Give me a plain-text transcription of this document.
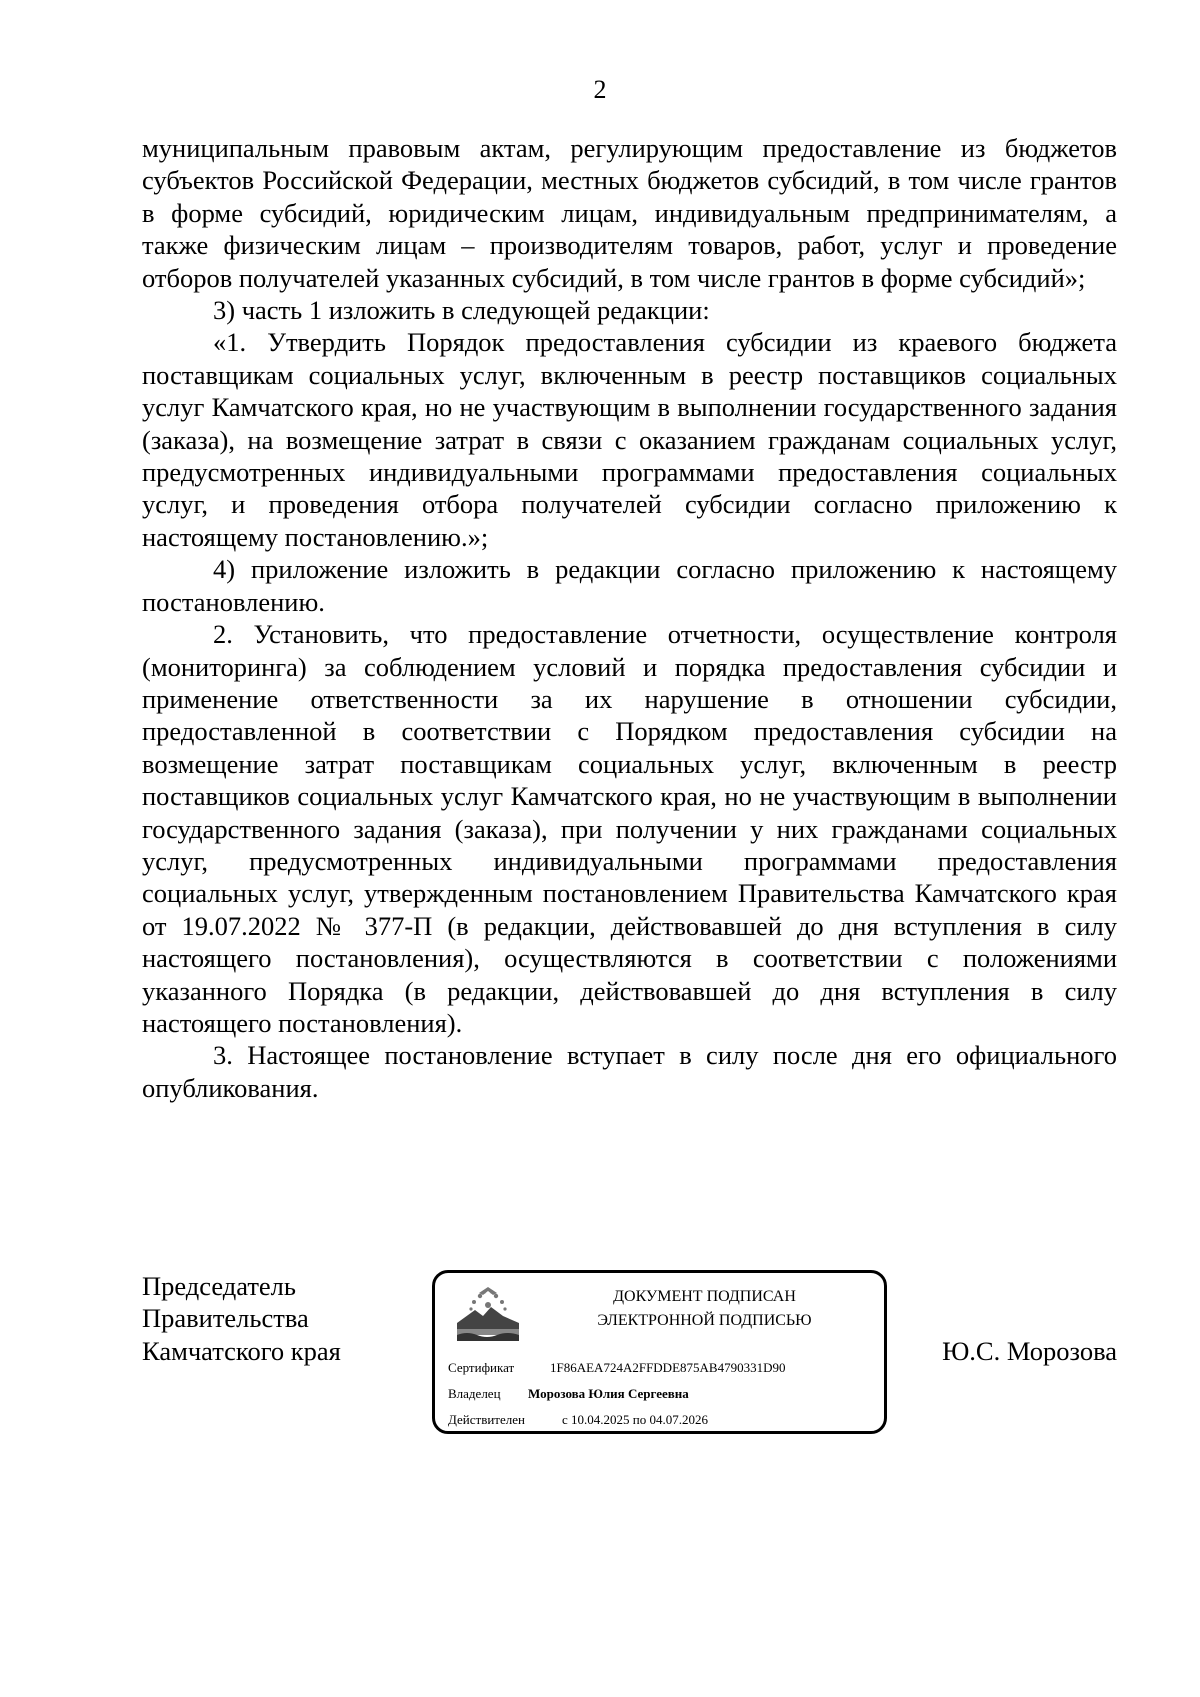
2

муниципальным правовым актам, регулирующим предоставление из бюджетов субъектов Российской Федерации, местных бюджетов субсидий, в том числе грантов в форме субсидий, юридическим лицам, индивидуальным предпринимателям, а также физическим лицам – производителям товаров, работ, услуг и проведение отборов получателей указанных субсидий, в том числе грантов в форме субсидий»;

3) часть 1 изложить в следующей редакции:

«1. Утвердить Порядок предоставления субсидии из краевого бюджета поставщикам социальных услуг, включенным в реестр поставщиков социальных услуг Камчатского края, но не участвующим в выполнении государственного задания (заказа), на возмещение затрат в связи с оказанием гражданам социальных услуг, предусмотренных индивидуальными программами предоставления социальных услуг, и проведения отбора получателей субсидии согласно приложению к настоящему постановлению.»;

4) приложение изложить в редакции согласно приложению к настоящему постановлению.

2. Установить, что предоставление отчетности, осуществление контроля (мониторинга) за соблюдением условий и порядка предоставления субсидии и применение ответственности за их нарушение в отношении субсидии, предоставленной в соответствии с Порядком предоставления субсидии на возмещение затрат поставщикам социальных услуг, включенным в реестр поставщиков социальных услуг Камчатского края, но не участвующим в выполнении государственного задания (заказа), при получении у них гражданами социальных услуг, предусмотренных индивидуальными программами предоставления социальных услуг, утвержденным постановлением Правительства Камчатского края от 19.07.2022 № 377-П (в редакции, действовавшей до дня вступления в силу настоящего постановления), осуществляются в соответствии с положениями указанного Порядка (в редакции, действовавшей до дня вступления в силу настоящего постановления).

3. Настоящее постановление вступает в силу после дня его официального опубликования.

Председатель
Правительства
Камчатского края
ДОКУМЕНТ ПОДПИСАН
ЭЛЕКТРОННОЙ ПОДПИСЬЮ
Сертификат	1F86AEA724A2FFDDE875AB4790331D90
Владелец Морозова Юлия Сергеевна
Действителен	с 10.04.2025 по 04.07.2026
Ю.С. Морозова
